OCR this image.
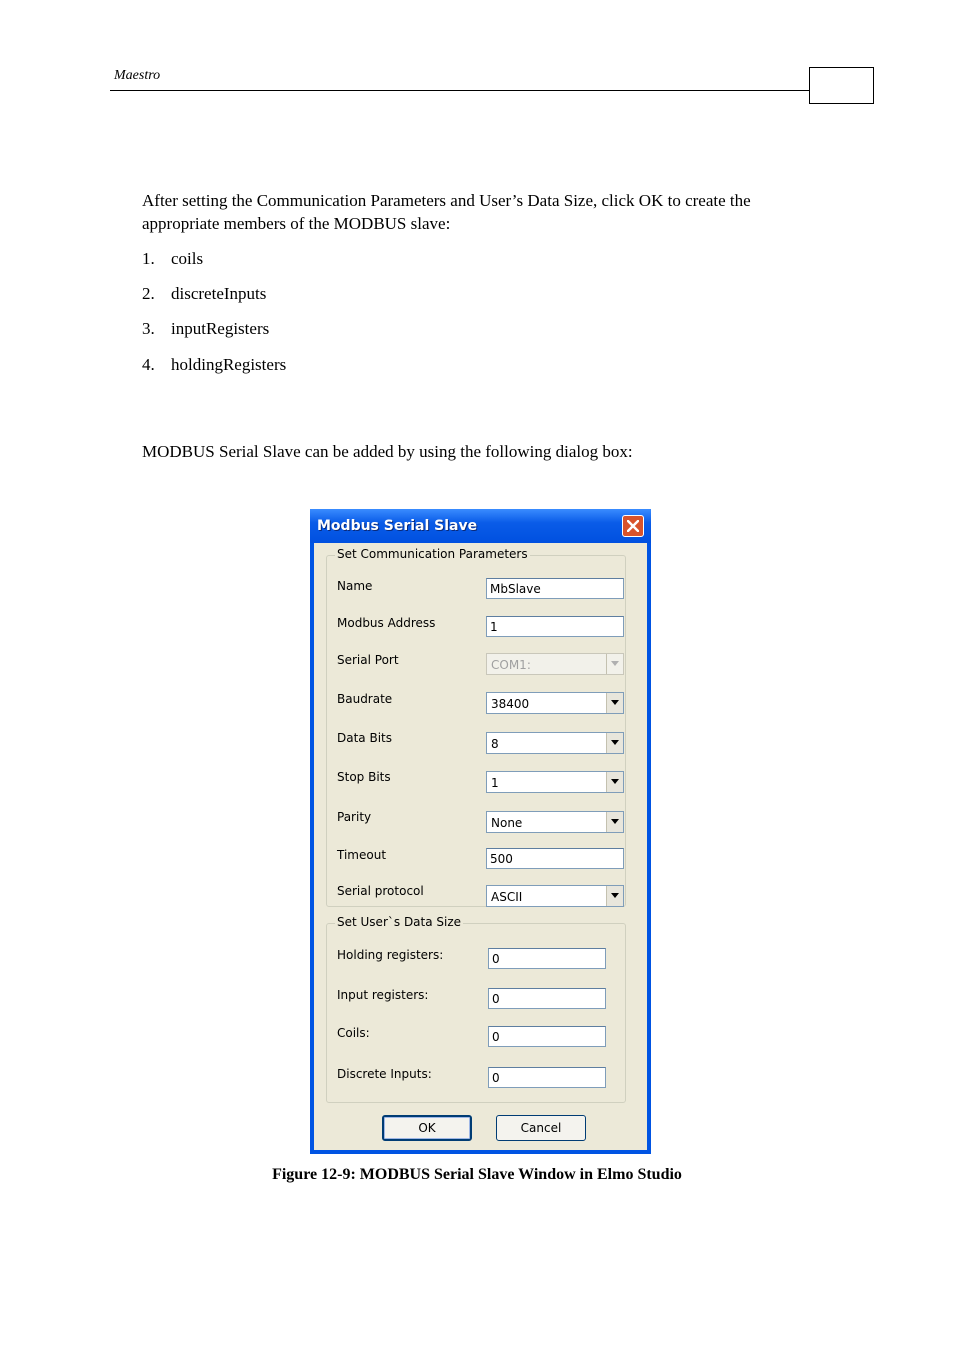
Maestro
After setting the Communication Parameters and User’s Data Size, click OK to create the appropriate members of the MODBUS slave:
1. coils
2. discreteInputs
3. inputRegisters
4. holdingRegisters
MODBUS Serial Slave can be added by using the following dialog box:
Modbus Serial Slave
Set Communication Parameters
Name	MbSlave
Modbus Address	1
Serial Port	COM1:
Baudrate	38400
Data Bits	8
Stop Bits	1
Parity	None
Timeout	500
Serial protocol	ASCII
Set User`s Data Size
Holding registers:	0
Input registers:	0
Coils:	0
Discrete Inputs:	0
OK	Cancel
Figure 12-9: MODBUS Serial Slave Window in Elmo Studio
